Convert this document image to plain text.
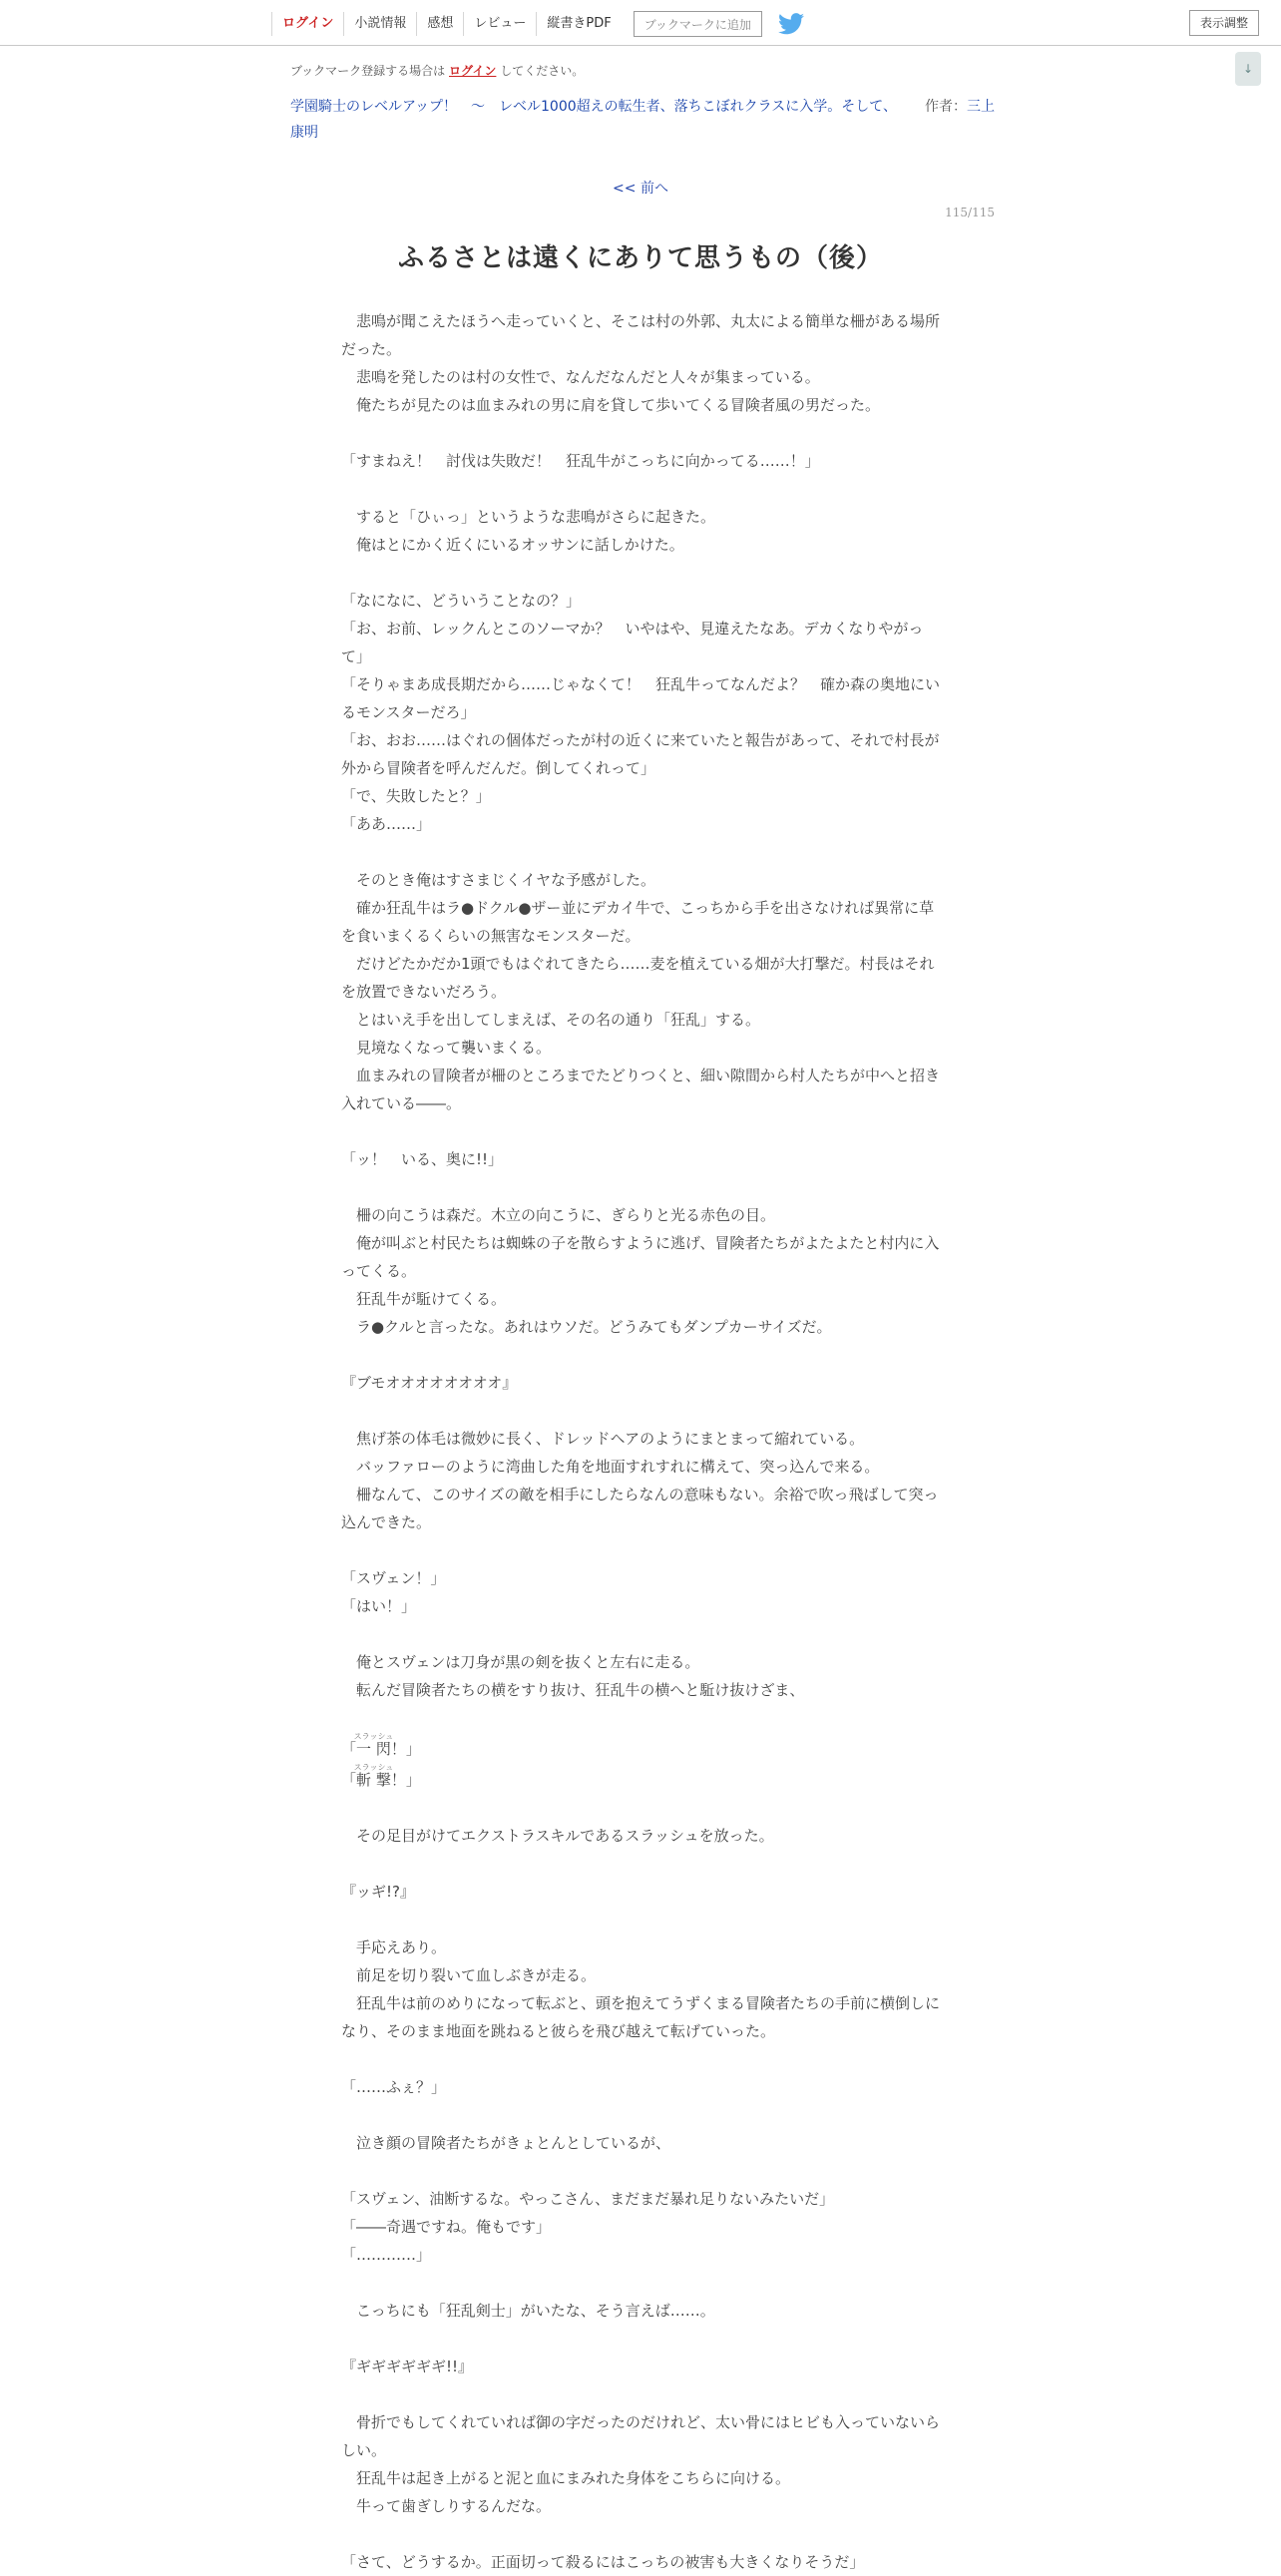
ログイン	小説情報	感想	レビュー	縦書きPDF	ブックマークに追加	表示調整
↓
ブックマーク登録する場合は ログイン してください。
学園騎士のレベルアップ！　〜　レベル1000超えの転生者、落ちこぼれクラスに入学。そして、 作者：三上康明
<< 前へ
115/115
ふるさとは遠くにありて思うもの（後）

　悲鳴が聞こえたほうへ走っていくと、そこは村の外郭、丸太による簡単な柵がある場所だった。

　悲鳴を発したのは村の女性で、なんだなんだと人々が集まっている。

　俺たちが見たのは血まみれの男に肩を貸して歩いてくる冒険者風の男だった。

「すまねえ！　討伐は失敗だ！　狂乱牛がこっちに向かってる……！」

　すると「ひぃっ」というような悲鳴がさらに起きた。

　俺はとにかく近くにいるオッサンに話しかけた。

「なになに、どういうことなの？」

「お、お前、レックんとこのソーマか？　いやはや、見違えたなあ。デカくなりやがって」

「そりゃまあ成長期だから……じゃなくて！　狂乱牛ってなんだよ？　確か森の奥地にいるモンスターだろ」

「お、おお……はぐれの個体だったが村の近くに来ていたと報告があって、それで村長が外から冒険者を呼んだんだ。倒してくれって」

「で、失敗したと？」

「ああ……」

　そのとき俺はすさまじくイヤな予感がした。

　確か狂乱牛はラ●ドクル●ザー並にデカイ牛で、こっちから手を出さなければ異常に草を食いまくるくらいの無害なモンスターだ。

　だけどたかだか1頭でもはぐれてきたら……麦を植えている畑が大打撃だ。村長はそれを放置できないだろう。

　とはいえ手を出してしまえば、その名の通り「狂乱」する。

　見境なくなって襲いまくる。

　血まみれの冒険者が柵のところまでたどりつくと、細い隙間から村人たちが中へと招き入れている――。

「ッ！　いる、奥に!!」

　柵の向こうは森だ。木立の向こうに、ぎらりと光る赤色の目。

　俺が叫ぶと村民たちは蜘蛛の子を散らすように逃げ、冒険者たちがよたよたと村内に入ってくる。

　狂乱牛が駈けてくる。

　ラ●クルと言ったな。あれはウソだ。どうみてもダンプカーサイズだ。

『ブモオオオオオオオオ』

　焦げ茶の体毛は微妙に長く、ドレッドヘアのようにまとまって縮れている。

　バッファローのように湾曲した角を地面すれすれに構えて、突っ込んで来る。

　柵なんて、このサイズの敵を相手にしたらなんの意味もない。余裕で吹っ飛ばして突っ込んできた。

「スヴェン！」

「はい！」

　俺とスヴェンは刀身が黒の剣を抜くと左右に走る。

　転んだ冒険者たちの横をすり抜け、狂乱牛の横へと駈け抜けざま、

「一閃スラッシュ！」

「斬撃スラッシュ！」

　その足目がけてエクストラスキルであるスラッシュを放った。

『ッギ!?』

　手応えあり。

　前足を切り裂いて血しぶきが走る。

　狂乱牛は前のめりになって転ぶと、頭を抱えてうずくまる冒険者たちの手前に横倒しになり、そのまま地面を跳ねると彼らを飛び越えて転げていった。

「……ふぇ？」

　泣き顔の冒険者たちがきょとんとしているが、

「スヴェン、油断するな。やっこさん、まだまだ暴れ足りないみたいだ」

「――奇遇ですね。俺もです」

「…………」

　こっちにも「狂乱剣士」がいたな、そう言えば……。

『ギギギギギギ!!』

　骨折でもしてくれていれば御の字だったのだけれど、太い骨にはヒビも入っていないらしい。

　狂乱牛は起き上がると泥と血にまみれた身体をこちらに向ける。

　牛って歯ぎしりするんだな。

「さて、どうするか。正面切って殺るにはこっちの被害も大きくなりそうだ」
